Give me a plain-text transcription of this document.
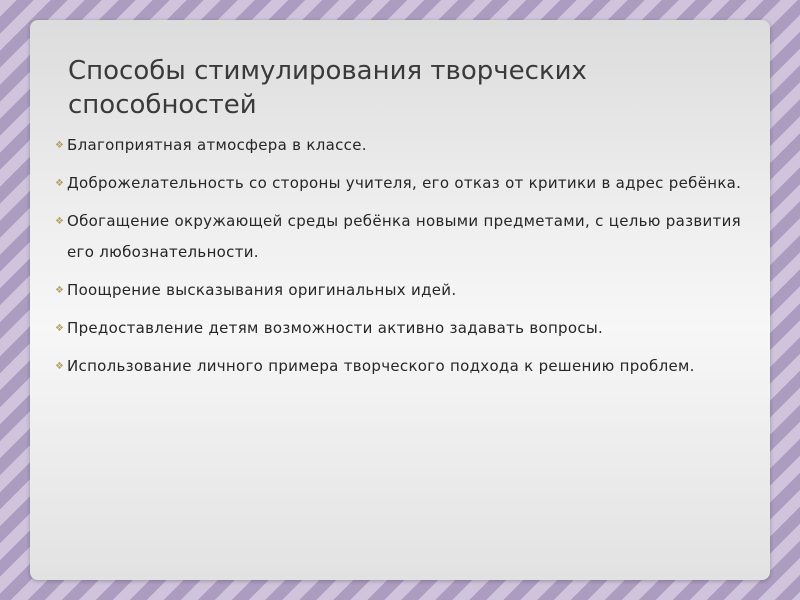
Способы стимулирования творческих способностей
❖ Благоприятная атмосфера в классе.
❖ Доброжелательность со стороны учителя, его отказ от критики в адрес ребёнка.
❖ Обогащение окружающей среды ребёнка новыми предметами, с целью развития его любознательности.
❖ Поощрение высказывания оригинальных идей.
❖ Предоставление детям возможности активно задавать вопросы.
❖ Использование личного примера творческого подхода к решению проблем.
